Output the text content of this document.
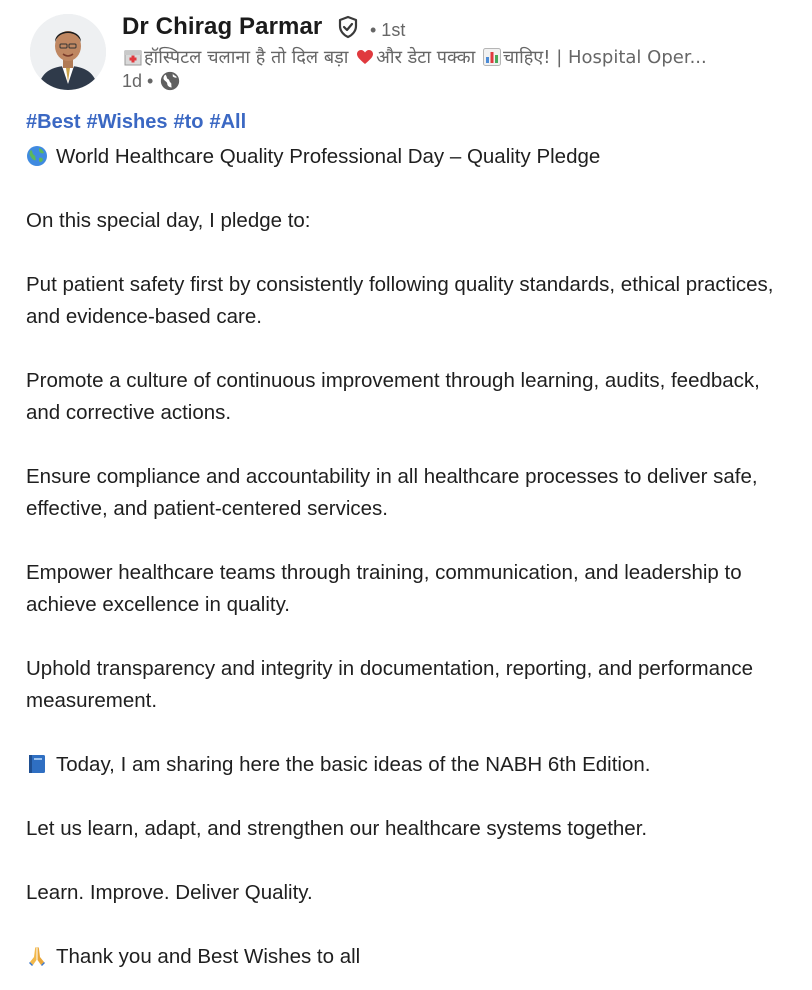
Dr Chirag Parmar	• 1st
हॉस्पिटल चलाना है तो दिल बड़ा और डेटा पक्का चाहिए! | Hospital Oper...
1d •
#Best #Wishes #to #All

World Healthcare Quality Professional Day – Quality Pledge

On this special day, I pledge to:

Put patient safety first by consistently following quality standards, ethical practices, and evidence-based care.

Promote a culture of continuous improvement through learning, audits, feedback, and corrective actions.

Ensure compliance and accountability in all healthcare processes to deliver safe, effective, and patient-centered services.

Empower healthcare teams through training, communication, and leadership to achieve excellence in quality.

Uphold transparency and integrity in documentation, reporting, and performance measurement.

Today, I am sharing here the basic ideas of the NABH 6th Edition.

Let us learn, adapt, and strengthen our healthcare systems together.

Learn. Improve. Deliver Quality.

Thank you and Best Wishes to all
